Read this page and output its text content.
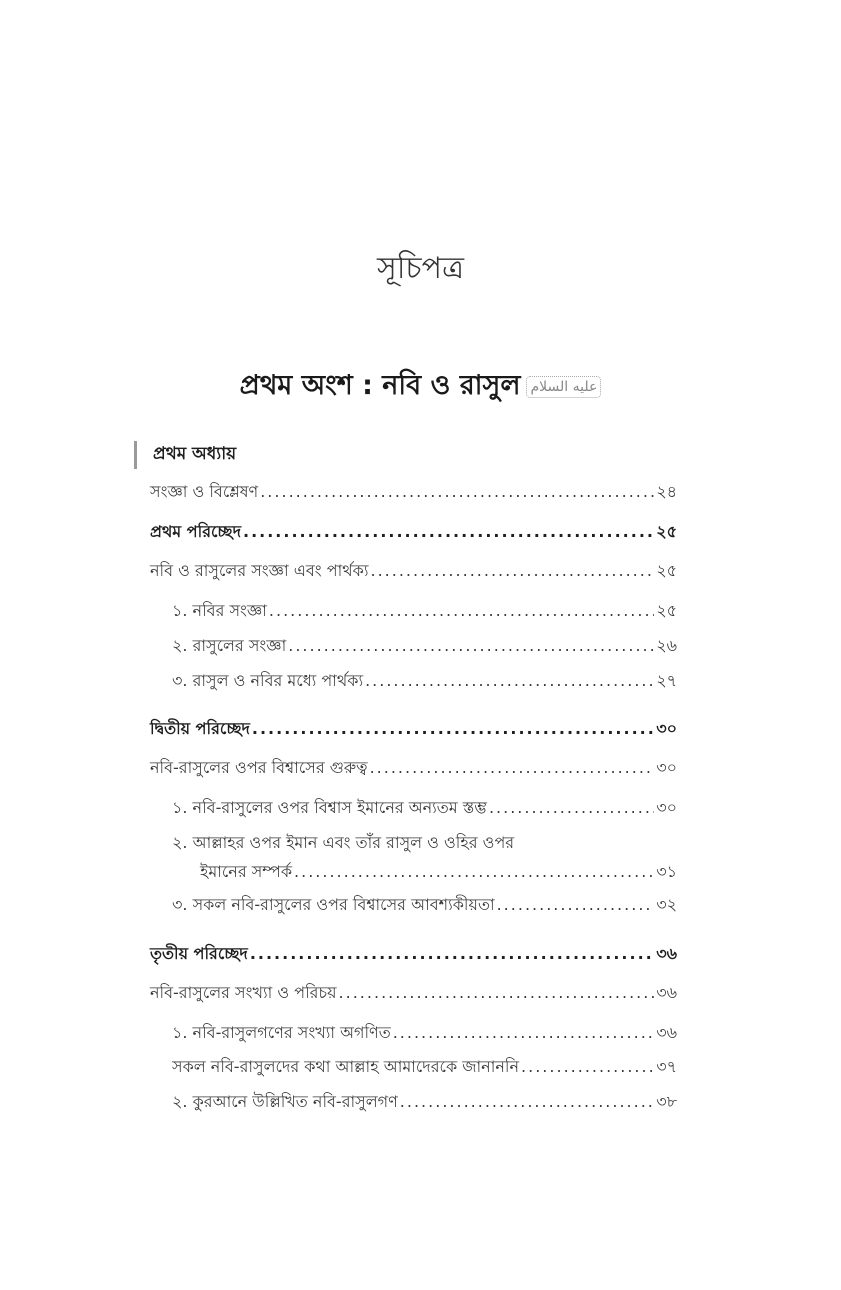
সূচিপত্র
প্রথম অংশ : নবি ও রাসুল عليه السلام
প্রথম অধ্যায়
সংজ্ঞা ও বিশ্লেষণ .....	২৪
প্রথম পরিচ্ছেদ .....	২৫
নবি ও রাসুলের সংজ্ঞা এবং পার্থক্য .....	২৫
১. নবির সংজ্ঞা .....	২৫
২. রাসুলের সংজ্ঞা .....	২৬
৩. রাসুল ও নবির মধ্যে পার্থক্য .....	২৭
দ্বিতীয় পরিচ্ছেদ .....	৩০
নবি-রাসুলের ওপর বিশ্বাসের গুরুত্ব .....	৩০
১. নবি-রাসুলের ওপর বিশ্বাস ইমানের অন্যতম স্তম্ভ .....	৩০
২. আল্লাহর ওপর ইমান এবং তাঁর রাসুল ও ওহির ওপর
ইমানের সম্পর্ক .....	৩১
৩. সকল নবি-রাসুলের ওপর বিশ্বাসের আবশ্যকীয়তা .....	৩২
তৃতীয় পরিচ্ছেদ .....	৩৬
নবি-রাসুলের সংখ্যা ও পরিচয় .....	৩৬
১. নবি-রাসুলগণের সংখ্যা অগণিত .....	৩৬
সকল নবি-রাসুলদের কথা আল্লাহ আমাদেরকে জানাননি .....	৩৭
২. কুরআনে উল্লিখিত নবি-রাসুলগণ .....	৩৮
